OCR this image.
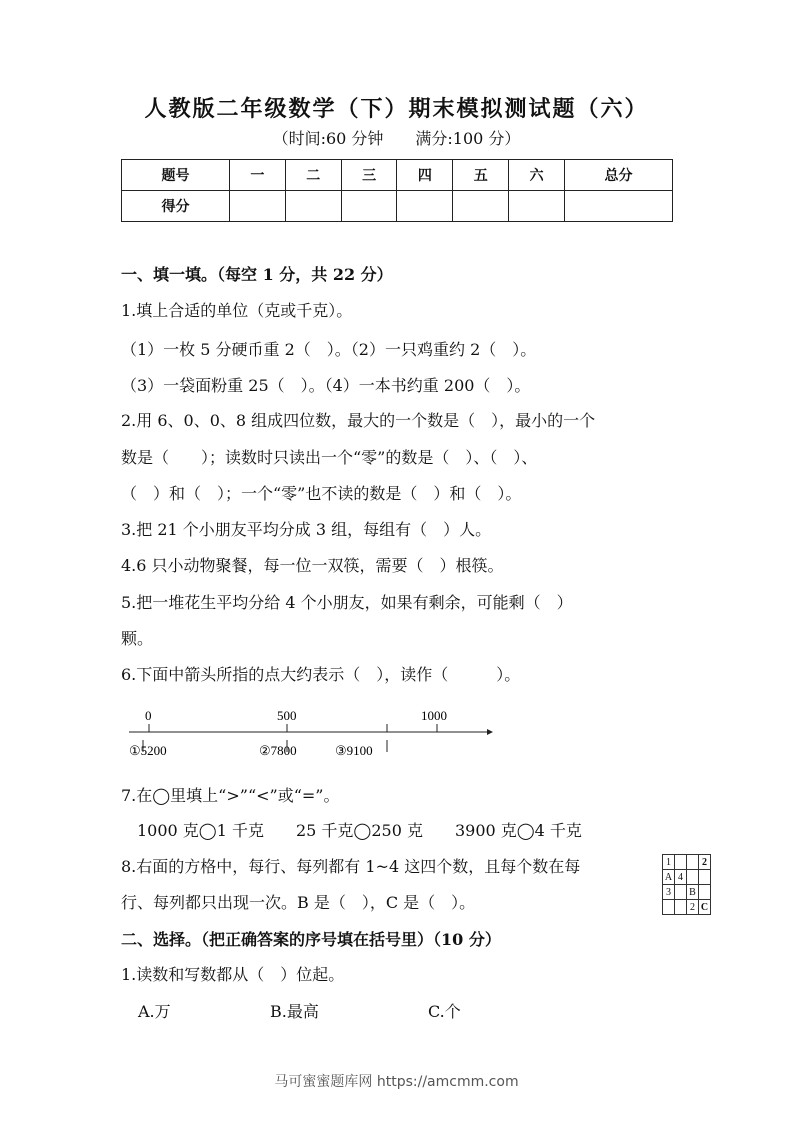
人教版二年级数学（下）期末模拟测试题（六）
（时间:60 分钟　　满分:100 分）
题号	一	二	三	四	五	六	总分
得分							
一、填一填。（每空 1 分，共 22 分）
1.填上合适的单位（克或千克）。
（1）一枚 5 分硬币重 2（　）。（2）一只鸡重约 2（　）。
（3）一袋面粉重 25（　）。（4）一本书约重 200（　）。
2.用 6、0、0、8 组成四位数，最大的一个数是（　），最小的一个
数是（　　）；读数时只读出一个“零”的数是（　）、（　）、
（　）和（　）；一个“零”也不读的数是（　）和（　）。
3.把 21 个小朋友平均分成 3 组，每组有（　）人。
4.6 只小动物聚餐，每一位一双筷，需要（　）根筷。
5.把一堆花生平均分给 4 个小朋友，如果有剩余，可能剩（　）
颗。
6.下面中箭头所指的点大约表示（　），读作（　　　）。
0	500	1000
①5200	②7800	③9100
7.在◯里填上“>”“<”或“=”。
　1000 克◯1 千克　　25 千克◯250 克　　3900 克◯4 千克
8.右面的方格中，每行、每列都有 1~4 这四个数，且每个数在每
行、每列都只出现一次。B 是（　），C 是（　）。
1			2
A	4		
3		B	
		2	C
二、选择。（把正确答案的序号填在括号里）（10 分）
1.读数和写数都从（　）位起。
A.万	B.最高	C.个
马可蜜蜜题库网 https://amcmm.com
